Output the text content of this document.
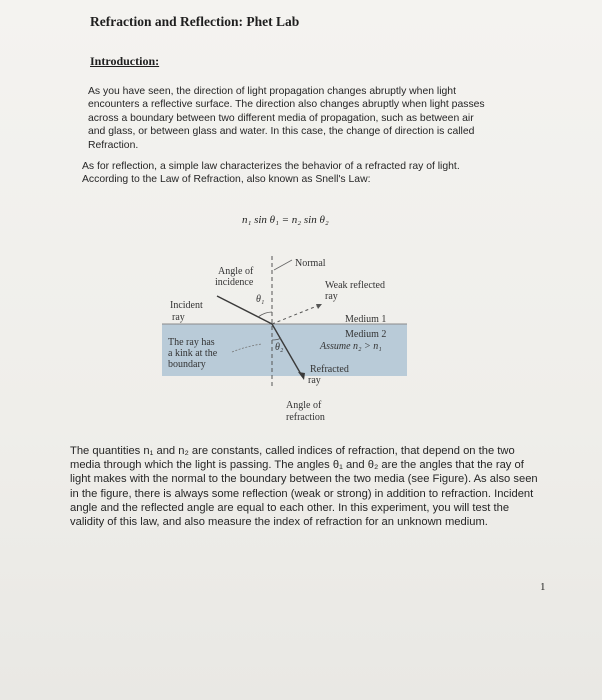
Refraction and Reflection: Phet Lab
Introduction:
As you have seen, the direction of light propagation changes abruptly when light encounters a reflective surface. The direction also changes abruptly when light passes across a boundary between two different media of propagation, such as between air and glass, or between glass and water. In this case, the change of direction is called Refraction.
As for reflection, a simple law characterizes the behavior of a refracted ray of light. According to the Law of Refraction, also known as Snell's Law:
n₁ sin θ₁ = n₂ sin θ₂
Normal
Angle of
incidence
θ₁
Weak reflected
ray
Incident
ray	Medium 1
Medium 2
Assume n₂ > n₁
The ray has
a kink at the
boundary
θ₂
Refracted
ray
Angle of
refraction
The quantities n₁ and n₂ are constants, called indices of refraction, that depend on the two media through which the light is passing. The angles θ₁ and θ₂ are the angles that the ray of light makes with the normal to the boundary between the two media (see Figure). As also seen in the figure, there is always some reflection (weak or strong) in addition to refraction. Incident angle and the reflected angle are equal to each other. In this experiment, you will test the validity of this law, and also measure the index of refraction for an unknown medium.
1
